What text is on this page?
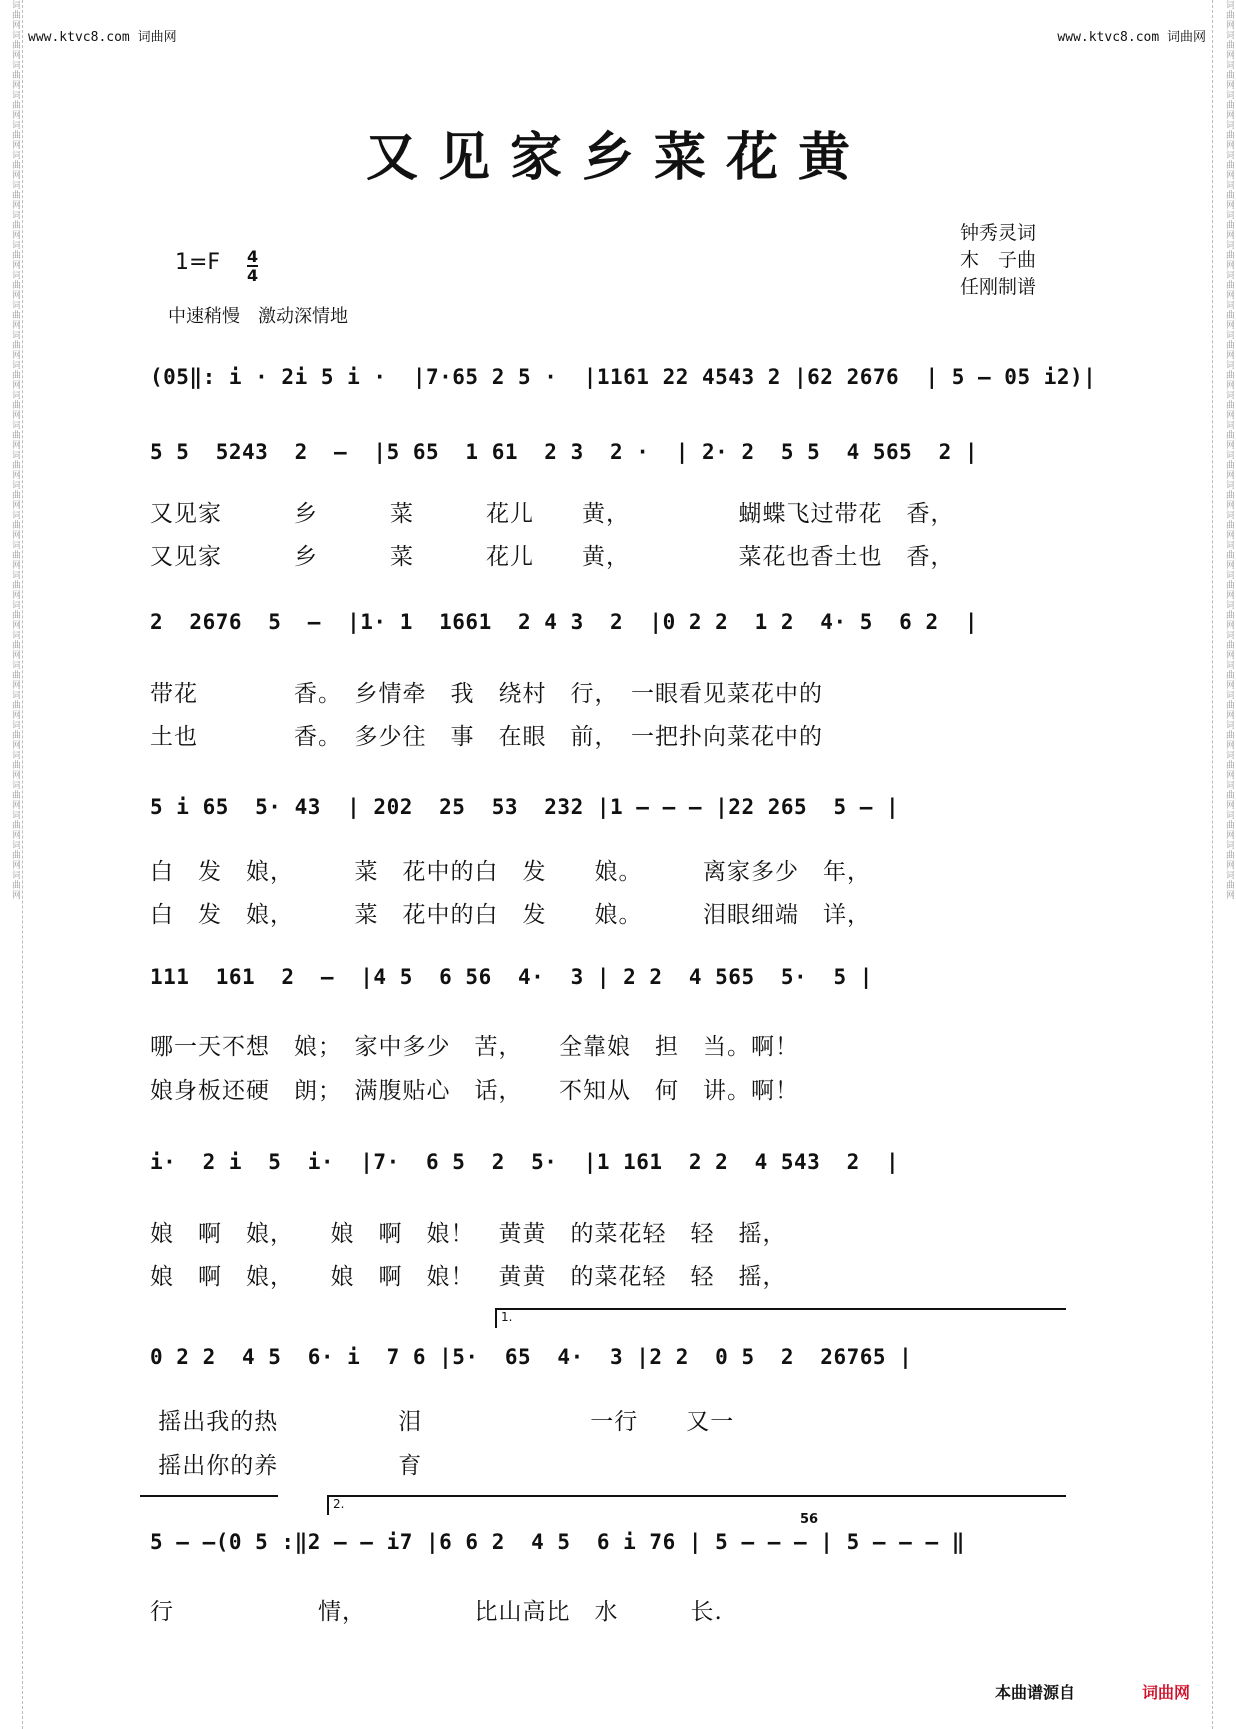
词曲网词曲网词曲网词曲网词曲网词曲网词曲网词曲网词曲网词曲网词曲网词曲网词曲网词曲网词曲网词曲网词曲网词曲网词曲网词曲网词曲网词曲网词曲网词曲网词曲网词曲网词曲网词曲网词曲网词曲网	词曲网词曲网词曲网词曲网词曲网词曲网词曲网词曲网词曲网词曲网词曲网词曲网词曲网词曲网词曲网词曲网词曲网词曲网词曲网词曲网词曲网词曲网词曲网词曲网词曲网词曲网词曲网词曲网词曲网词曲网
www.ktvc8.com 词曲网	www.ktvc8.com 词曲网
又见家乡菜花黄
钟秀灵词
木　子曲
任刚制谱
1=F 4
4
中速稍慢　激动深情地
(05‖: i · 2i 5 i ·  |7·65 2 5 ·  |1161 22 4543 2 |62 2676  | 5 – 05 i2)|
5 5  5243  2  –  |5 65  1 61  2 3  2 ·  | 2· 2  5 5  4 565  2 |
又见家　　　乡　　　菜　　　花儿　　黄，　　　　　蝴蝶飞过带花　香，
又见家　　　乡　　　菜　　　花儿　　黄，　　　　　菜花也香土也　香，
2  2676  5  –  |1· 1  1661  2 4 3  2  |0 2 2  1 2  4· 5  6 2  |
带花　　　　香。　乡情牵　我　绕村　行，　一眼看见菜花中的
土也　　　　香。　多少往　事　在眼　前，　一把扑向菜花中的
5 i 65  5· 43  | 202  25  53  232 |1 – – – |22 265  5 – |
白　发　娘，　　　菜　花中的白　发　　娘。　　　离家多少　年，
白　发　娘，　　　菜　花中的白　发　　娘。　　　泪眼细端　详，
111  161  2  –  |4 5  6 56  4·  3 | 2 2  4 565  5·  5 |
哪一天不想　娘；　家中多少　苦，　　全靠娘　担　当。啊！
娘身板还硬　朗；　满腹贴心　话，　　不知从　何　讲。啊！
i·  2 i  5  i·  |7·  6 5  2  5·  |1 161  2 2  4 543  2  |
娘　啊　娘，　　娘　啊　娘！　黄黄　的菜花轻　轻　摇，
娘　啊　娘，　　娘　啊　娘！　黄黄　的菜花轻　轻　摇，
1.
0 2 2  4 5  6· i  7 6 |5·  65  4·  3 |2 2  0 5  2  26765 |
摇出我的热　　　　　泪　　　　　　　一行　　又一
摇出你的养　　　　　育
2.
56
5 – –(0 5 :‖2 – – i7 |6 6 2  4 5  6 i 76 | 5 – – – | 5 – – – ‖
行　　　　　　情，　　　　　比山高比　水　　　长.
本曲谱源自	词曲网
